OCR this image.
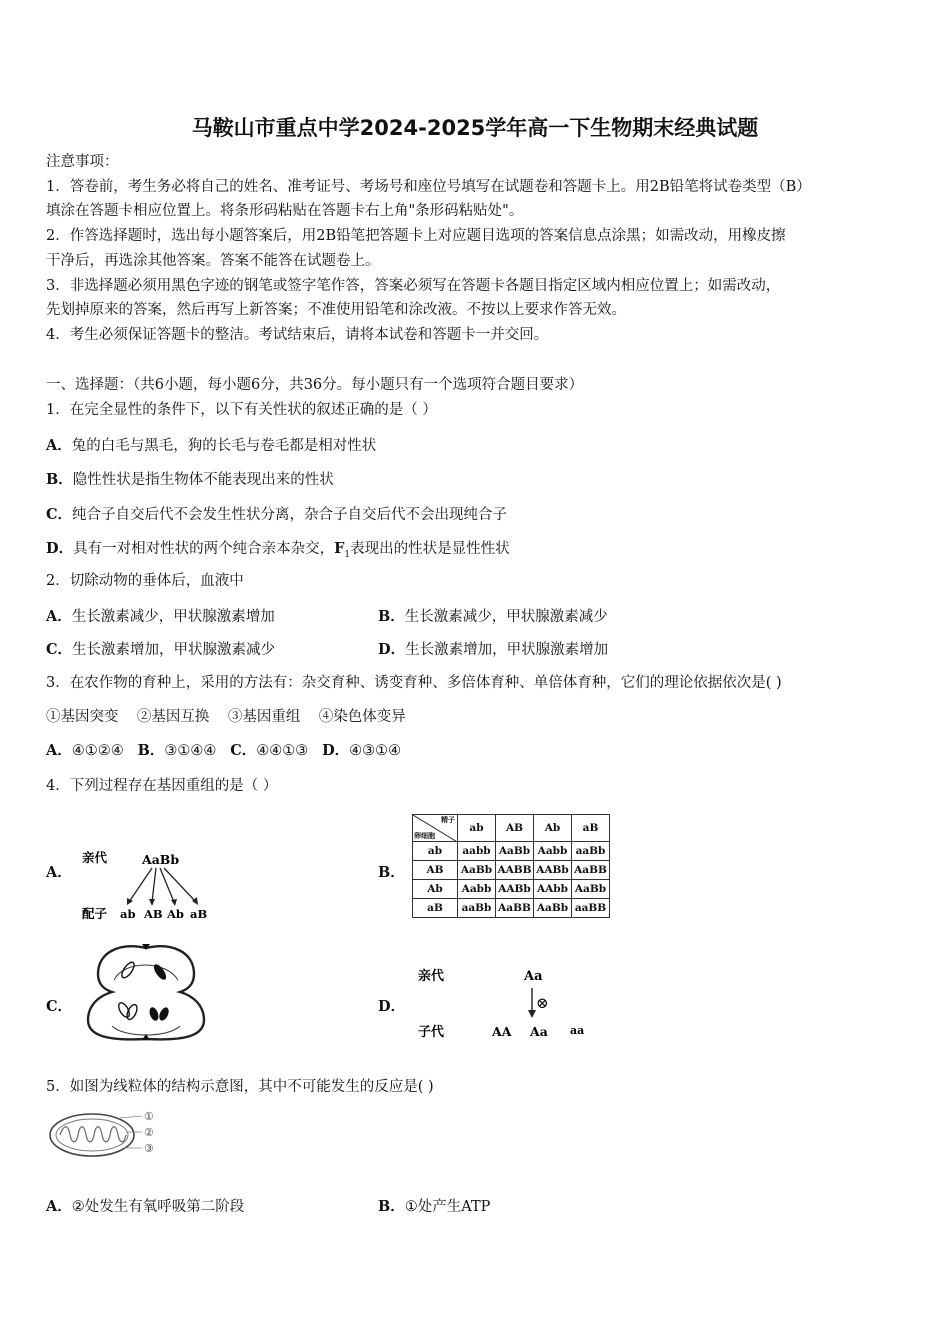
马鞍山市重点中学2024-2025学年高一下生物期末经典试题
注意事项：
1．答卷前，考生务必将自己的姓名、准考证号、考场号和座位号填写在试题卷和答题卡上。用2B铅笔将试卷类型（B）
填涂在答题卡相应位置上。将条形码粘贴在答题卡右上角"条形码粘贴处"。
2．作答选择题时，选出每小题答案后，用2B铅笔把答题卡上对应题目选项的答案信息点涂黑；如需改动，用橡皮擦
干净后，再选涂其他答案。答案不能答在试题卷上。
3．非选择题必须用黑色字迹的钢笔或签字笔作答，答案必须写在答题卡各题目指定区域内相应位置上；如需改动，
先划掉原来的答案，然后再写上新答案；不准使用铅笔和涂改液。不按以上要求作答无效。
4．考生必须保证答题卡的整洁。考试结束后，请将本试卷和答题卡一并交回。
一、选择题：（共6小题，每小题6分，共36分。每小题只有一个选项符合题目要求）
1．在完全显性的条件下，以下有关性状的叙述正确的是（ ）
A．兔的白毛与黑毛，狗的长毛与卷毛都是相对性状
B．隐性性状是指生物体不能表现出来的性状
C．纯合子自交后代不会发生性状分离，杂合子自交后代不会出现纯合子
D．具有一对相对性状的两个纯合亲本杂交，$F_1$表现出的性状是显性性状
2．切除动物的垂体后，血液中
A．生长激素减少，甲状腺激素增加	B．生长激素减少，甲状腺激素减少
C．生长激素增加，甲状腺激素减少	D．生长激素增加，甲状腺激素增加
3．在农作物的育种上，采用的方法有：杂交育种、诱变育种、多倍体育种、单倍体育种，它们的理论依据依次是( )
①基因突变    ②基因互换    ③基因重组    ④染色体变异
A．④①②④ B．③①④④ C．④④①③ D．④③①④
4．下列过程存在基因重组的是（ ）
A．
亲代	AaBb
配子 ab AB Ab aB
B．
精子
卵细胞	ab	AB	Ab	aB
ab	aabb	AaBb	Aabb	aaBb
AB	AaBb	AABB	AABb	AaBB
Ab	Aabb	AABb	AAbb	AaBb
aB	aaBb	AaBB	AaBb	aaBB
C．	D．
亲代	Aa
⊗
子代	AA Aa aa
5．如图为线粒体的结构示意图，其中不可能发生的反应是( )
①
②
③
A．②处发生有氧呼吸第二阶段	B．①处产生ATP
